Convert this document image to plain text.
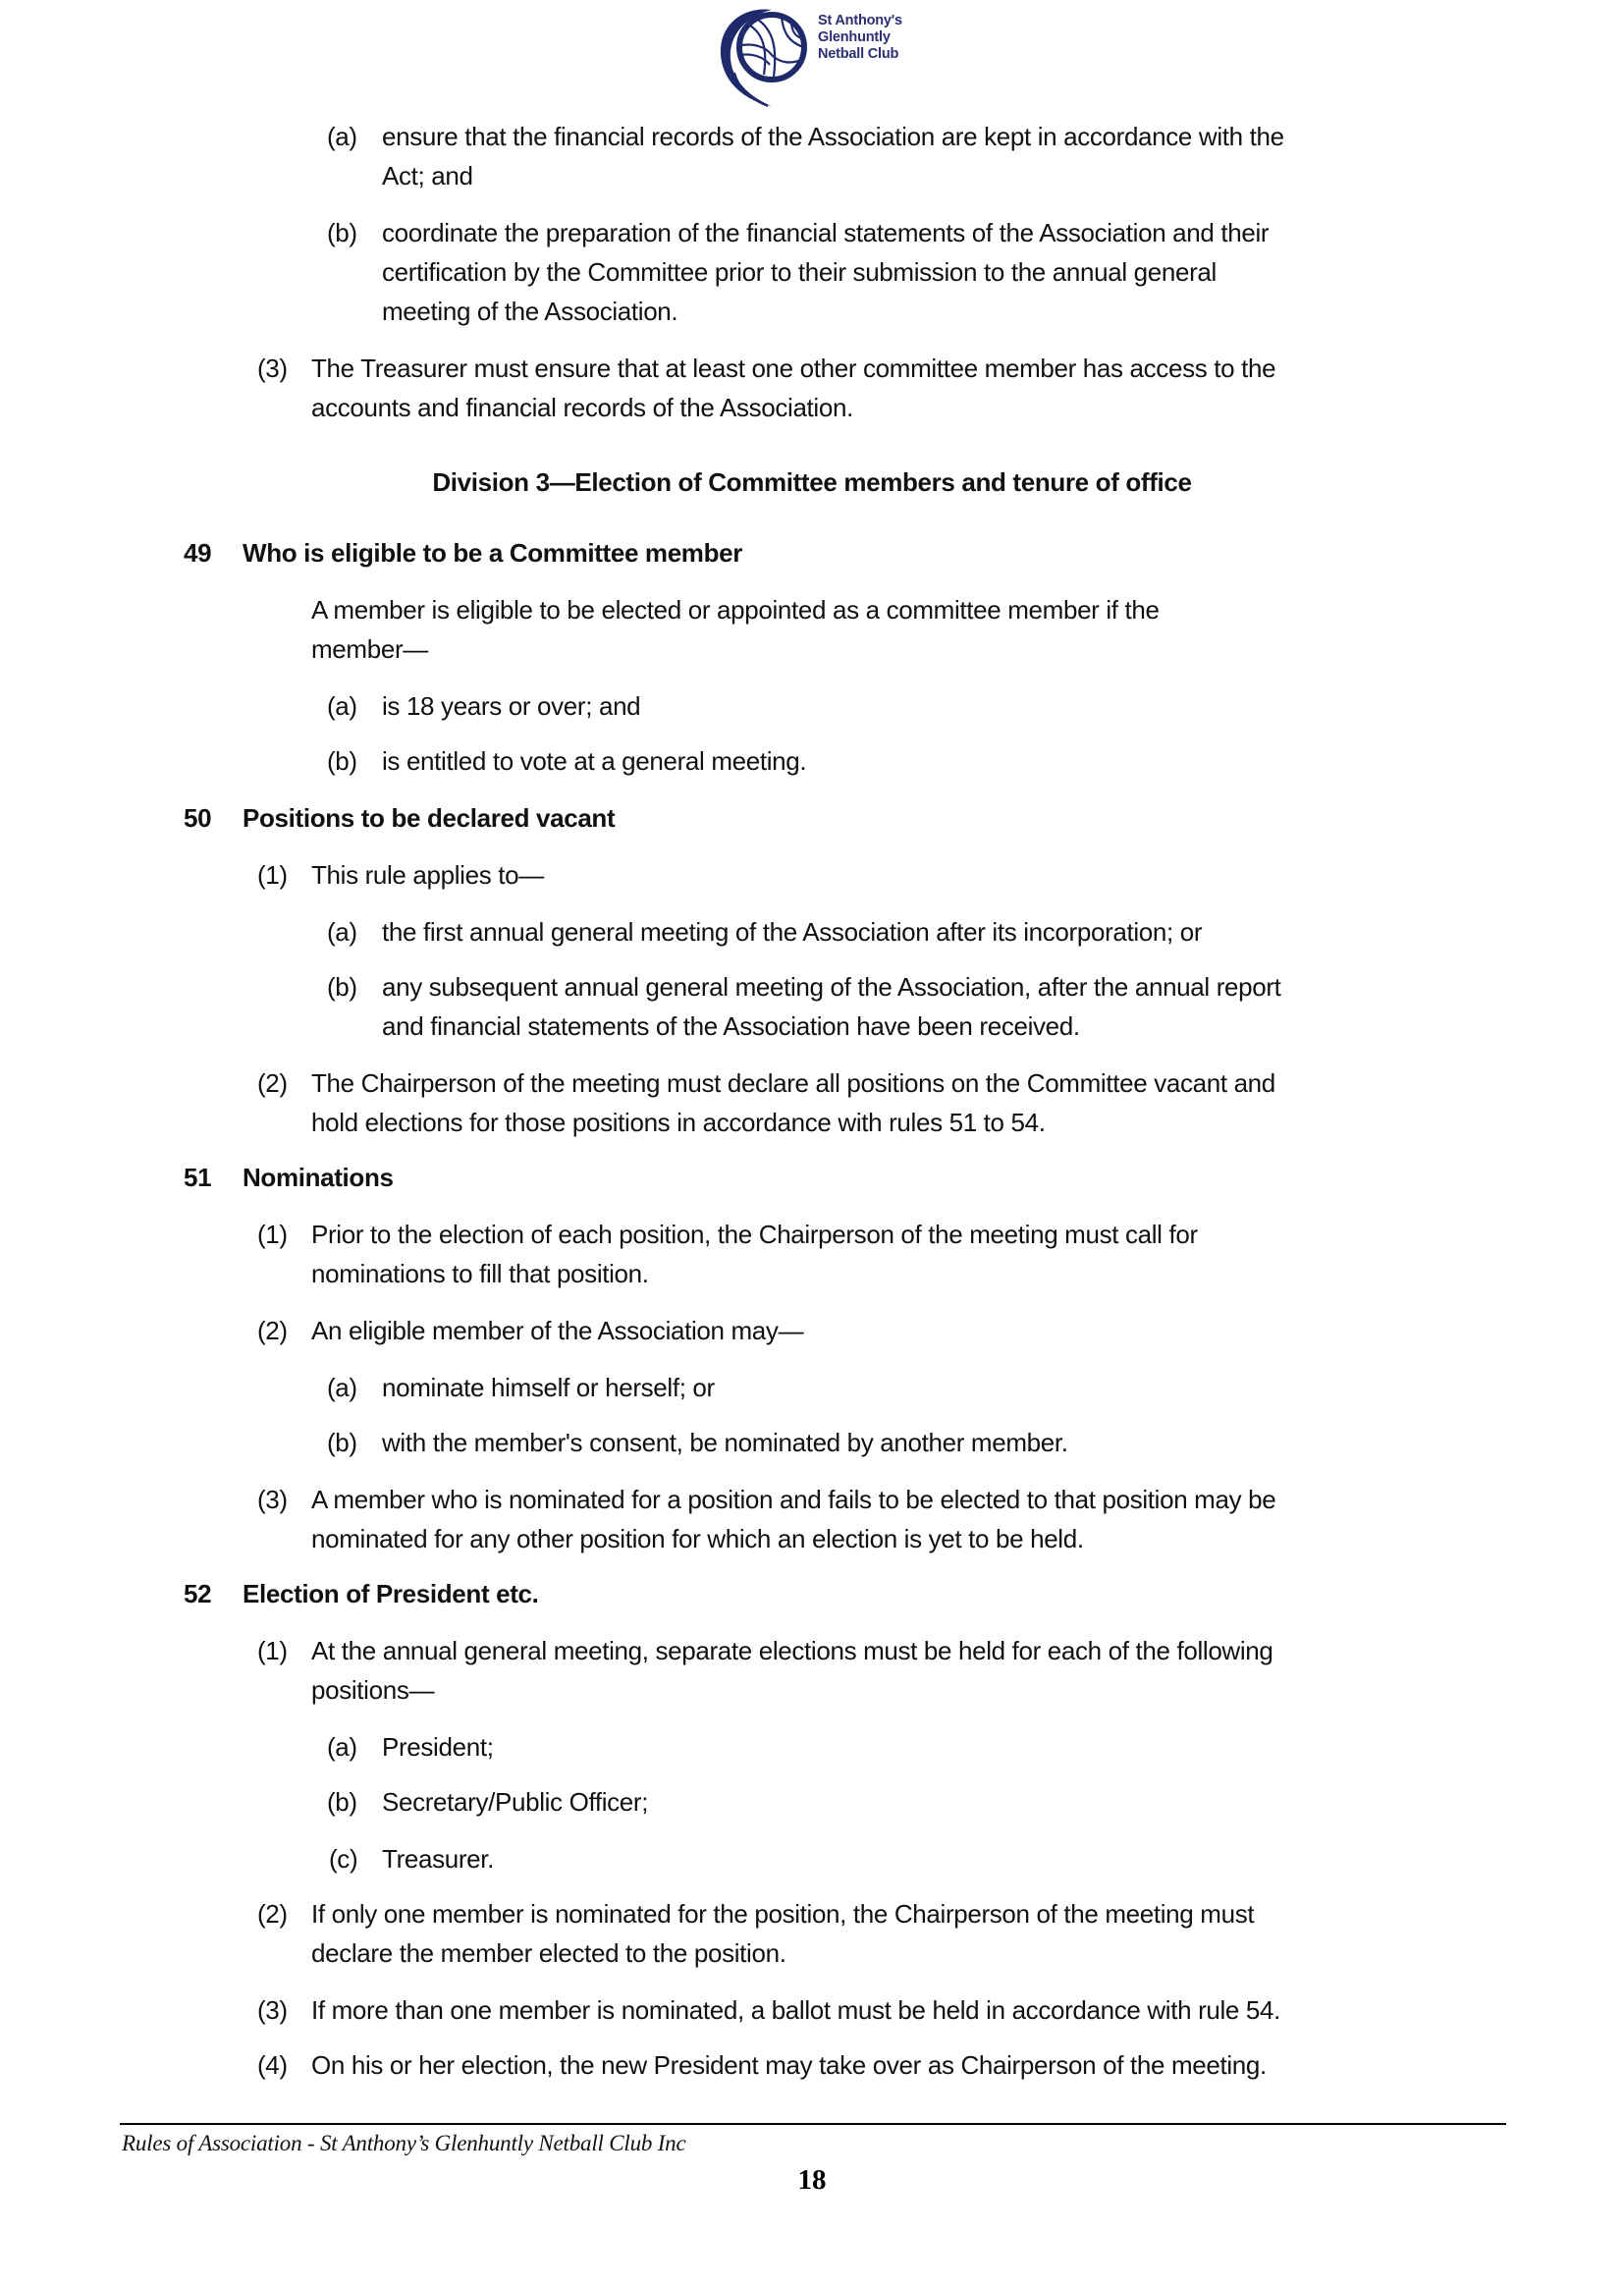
St Anthony's
Glenhuntly
Netball Club
(a) ensure that the financial records of the Association are kept in accordance with the
Act; and
(b) coordinate the preparation of the financial statements of the Association and their
certification by the Committee prior to their submission to the annual general
meeting of the Association.
(3) The Treasurer must ensure that at least one other committee member has access to the
accounts and financial records of the Association.
Division 3—Election of Committee members and tenure of office
49 Who is eligible to be a Committee member
A member is eligible to be elected or appointed as a committee member if the
member—
(a) is 18 years or over; and
(b) is entitled to vote at a general meeting.
50 Positions to be declared vacant
(1) This rule applies to—
(a) the first annual general meeting of the Association after its incorporation; or
(b) any subsequent annual general meeting of the Association, after the annual report
and financial statements of the Association have been received.
(2) The Chairperson of the meeting must declare all positions on the Committee vacant and
hold elections for those positions in accordance with rules 51 to 54.
51 Nominations
(1) Prior to the election of each position, the Chairperson of the meeting must call for
nominations to fill that position.
(2) An eligible member of the Association may—
(a) nominate himself or herself; or
(b) with the member's consent, be nominated by another member.
(3) A member who is nominated for a position and fails to be elected to that position may be
nominated for any other position for which an election is yet to be held.
52 Election of President etc.
(1) At the annual general meeting, separate elections must be held for each of the following
positions—
(a) President;
(b) Secretary/Public Officer;
(c) Treasurer.
(2) If only one member is nominated for the position, the Chairperson of the meeting must
declare the member elected to the position.
(3) If more than one member is nominated, a ballot must be held in accordance with rule 54.
(4) On his or her election, the new President may take over as Chairperson of the meeting.
Rules of Association - St Anthony’s Glenhuntly Netball Club Inc
18
